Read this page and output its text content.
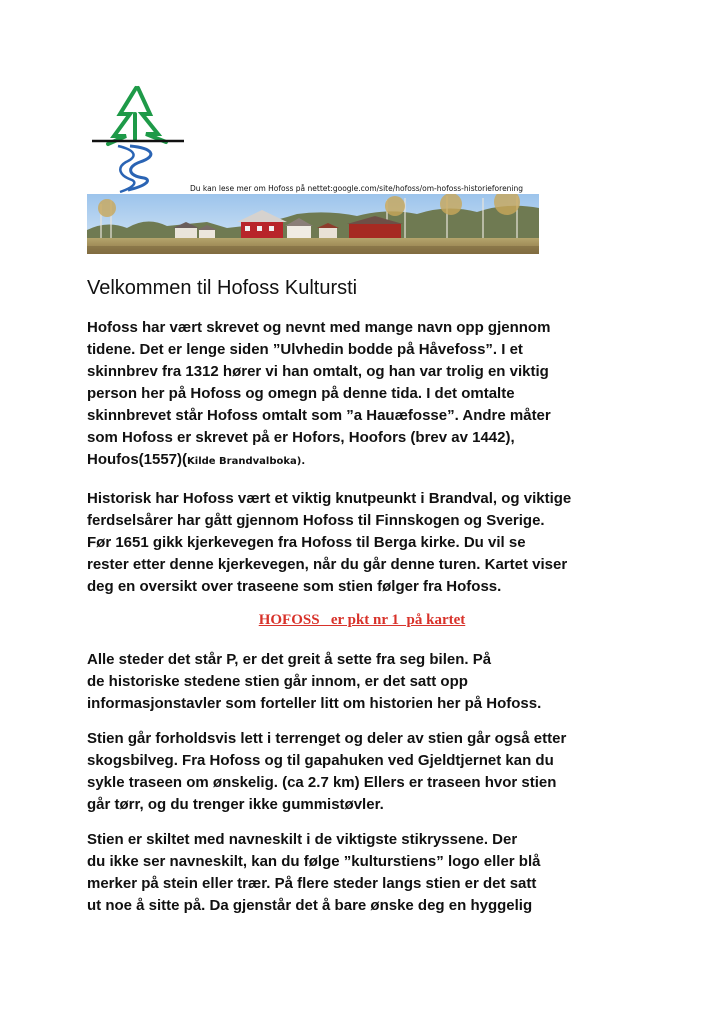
Du kan lese mer om Hofoss på nettet:google.com/site/hofoss/om-hofoss-historieforening
Velkommen til Hofoss Kultursti

Hofoss har vært skrevet og nevnt med mange navn opp gjennom
tidene. Det er lenge siden ”Ulvhedin bodde på Håvefoss”. I et
skinnbrev fra 1312 hører vi han omtalt, og han var trolig en viktig
person her på Hofoss og omegn på denne tida. I det omtalte
skinnbrevet står Hofoss omtalt som ”a Hauæfosse”. Andre måter
som Hofoss er skrevet på er Hofors, Hoofors (brev av 1442),
Houfos(1557)(Kilde Brandvalboka).

Historisk har Hofoss vært et viktig knutpeunkt i Brandval, og viktige
ferdselsårer har gått gjennom Hofoss til Finnskogen og Sverige.
Før 1651 gikk kjerkevegen fra Hofoss til Berga kirke. Du vil se
rester etter denne kjerkevegen, når du går denne turen. Kartet viser
deg en oversikt over traseene som stien følger fra Hofoss.

HOFOSS   er pkt nr 1  på kartet

Alle steder det står P, er det greit å sette fra seg bilen. På
de historiske stedene stien går innom, er det satt opp
informasjonstavler som forteller litt om historien her på Hofoss.

Stien går forholdsvis lett i terrenget og deler av stien går også etter
skogsbilveg. Fra Hofoss og til gapahuken ved Gjeldtjernet kan du
sykle traseen om ønskelig. (ca 2.7 km) Ellers er traseen hvor stien
går tørr, og du trenger ikke gummistøvler.

Stien er skiltet med navneskilt i de viktigste stikryssene. Der
du ikke ser navneskilt, kan du følge ”kulturstiens” logo eller blå
merker på stein eller trær. På flere steder langs stien er det satt
ut noe å sitte på. Da gjenstår det å bare ønske deg en hyggelig
